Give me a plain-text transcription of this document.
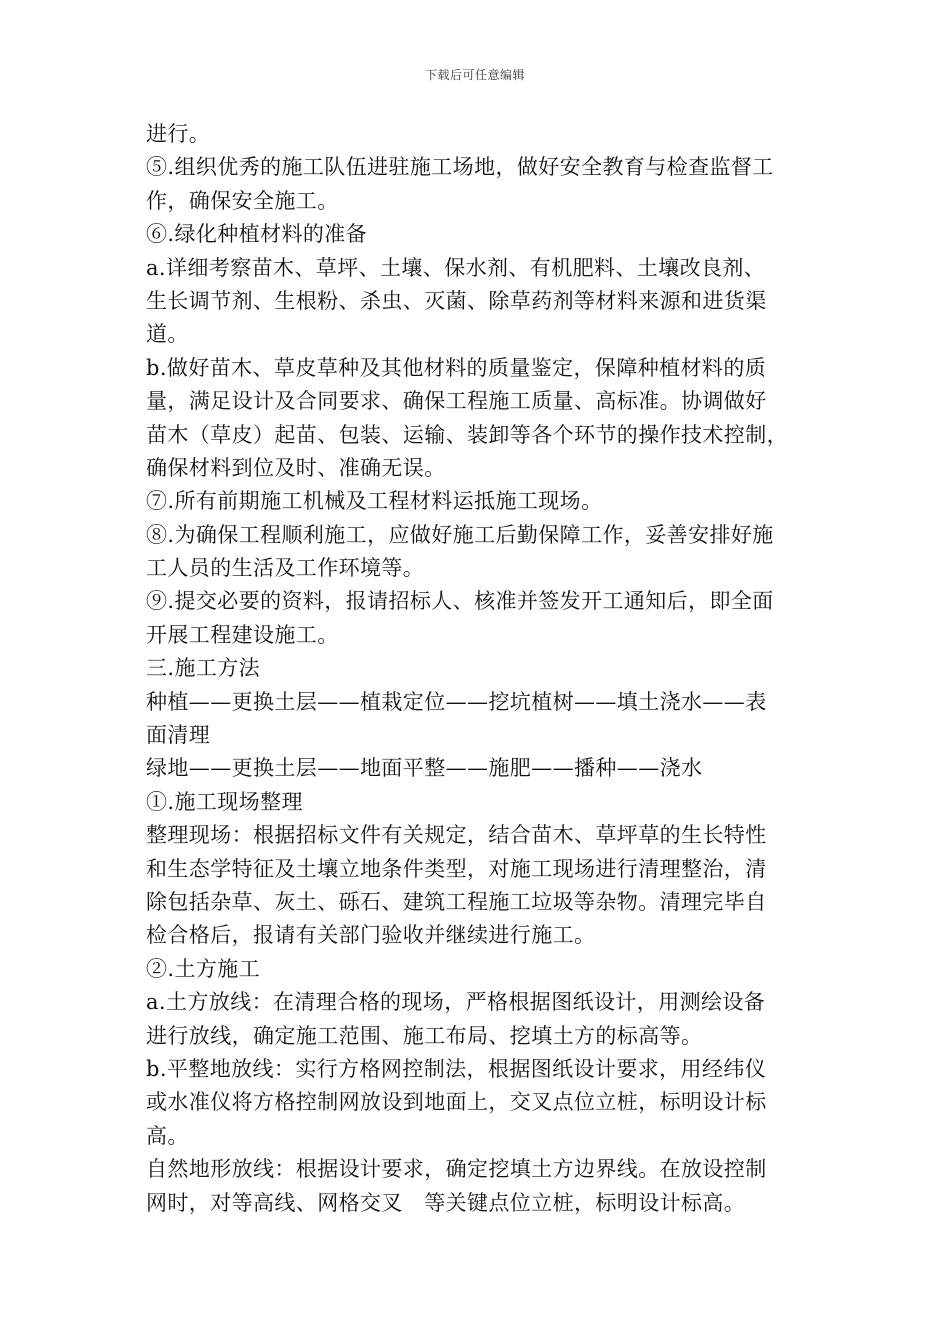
下载后可任意编辑
进行。
⑤.组织优秀的施工队伍进驻施工场地，做好安全教育与检查监督工
作，确保安全施工。
⑥.绿化种植材料的准备
a.详细考察苗木、草坪、土壤、保水剂、有机肥料、土壤改良剂、
生长调节剂、生根粉、杀虫、灭菌、除草药剂等材料来源和进货渠
道。
b.做好苗木、草皮草种及其他材料的质量鉴定，保障种植材料的质
量，满足设计及合同要求、确保工程施工质量、高标准。协调做好
苗木（草皮）起苗、包装、运输、装卸等各个环节的操作技术控制，
确保材料到位及时、准确无误。
⑦.所有前期施工机械及工程材料运抵施工现场。
⑧.为确保工程顺利施工，应做好施工后勤保障工作，妥善安排好施
工人员的生活及工作环境等。
⑨.提交必要的资料，报请招标人、核准并签发开工通知后，即全面
开展工程建设施工。
三.施工方法
种植——更换土层——植栽定位——挖坑植树——填土浇水——表
面清理
绿地——更换土层——地面平整——施肥——播种——浇水
①.施工现场整理
整理现场：根据招标文件有关规定，结合苗木、草坪草的生长特性
和生态学特征及土壤立地条件类型，对施工现场进行清理整治，清
除包括杂草、灰土、砾石、建筑工程施工垃圾等杂物。清理完毕自
检合格后，报请有关部门验收并继续进行施工。
②.土方施工
a.土方放线：在清理合格的现场，严格根据图纸设计，用测绘设备
进行放线，确定施工范围、施工布局、挖填土方的标高等。
b.平整地放线：实行方格网控制法，根据图纸设计要求，用经纬仪
或水准仪将方格控制网放设到地面上，交叉点位立桩，标明设计标
高。
自然地形放线：根据设计要求，确定挖填土方边界线。在放设控制
网时，对等高线、网格交叉　等关键点位立桩，标明设计标高。
